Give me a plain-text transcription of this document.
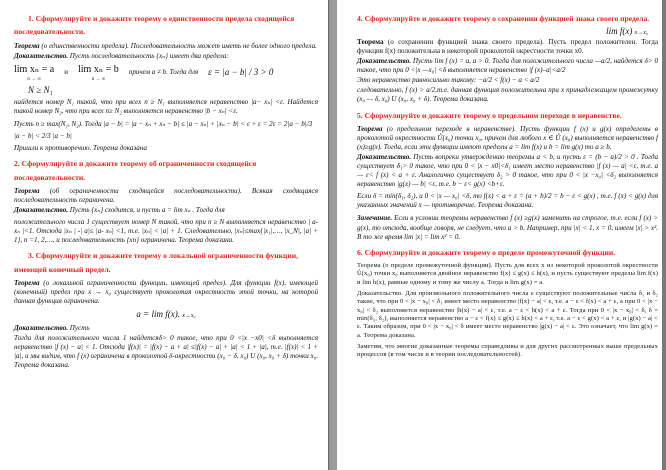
1. Сформулируйте и докажите теорему о единственности предела сходящейся последовательности.

Теорема (о единственности предела). Последовательность может иметь не более одного предела.

Доказательство. Пусть последовательность {xₙ} имеет два предела:

lim xₙ = a
n → ∞
и lim xₙ = b
n → ∞
причем a ≠ b. Тогда для ε = |a − b| / 3 > 0
N ≥ N₁

найдется номер N₁ такой, что при всех n ≥ N₁ выполняется неравенство |a− xₙ| <ε. Найдется такой номер N₂, что при всех n≥ N₂ выполняется неравенство |b − xₙ| <ε.

Пусть n ≥ max(N₁, N₂). Тогда |a − b| = |a − xₙ + xₙ − b| ≤ |a − xₙ| + |xₙ − b| < ε + ε = 2ε = 2|a − b|/3

|a − b| < 2/3 |a − b|

Пришли к противоречию. Теорема доказана

2. Сформулируйте и докажите теорему об ограниченности сходящейся последовательности.

Теорема (об ограниченности сходящейся последовательности). Всякая сходящаяся последовательность ограничена.

Доказательство. Пусть {xₙ} сходится, и пусть a = lim xₙ . Тогда для

положительного числа 1 существует номер N такой, что при n ≥ N выполняется неравенство | a-xₙ |<1. Отсюда |xₙ | -| a|≤ |a- xₙ| <1, т.е. |xₙ| < |a| + 1. Следовательно, |xₙ|≤max{|x₁|,…, |x_N|, |a| + 1}, n =1, 2,…, и последовательность {xn} ограничена. Теорема доказана.

3. Сформулируйте и докажите теорему о локальной ограниченности функции, имеющей конечный предел.

Теорема (о локальной ограниченности функции, имеющей предел). Для функции f(x), имеющей (конечный) предел при x → x₀ существует проколотая окрестность этой точки, на которой данная функция ограничена.

a = lim f(x). x→x₀

Доказательство. Пусть

Тогда для положительного числа 1 найдетсяδ> 0 такое, что при 0 <|x −x0| <δ выполняется неравенство |f (x) − a| < 1. Отсюда |f(x)| = |f(x) − a + a| ≤|f(x) − a| + |a| < 1 + |a|, т.е. |f(x)| < 1 + |a|, и мы видим, что f (x) ограничена в проколотой δ-окрестности (x₀ − δ, x₀) U (x₀, x₀ + δ) точки x₀. Теорема доказана.

4. Сформулируйте и докажите теорему о сохранении функцией знака своего предела.
lim f(x) x→x₀

Теорема (о сохранении функцией знака своего предела). Пусть предел положителен. Тогда функция f(x) положительна в некоторой проколотой окрестности точки x0.

Доказательство. Пусть lim f (x) = a, a > 0. Тогда для положительного числа —a/2, найдется δ> 0 такое, что при 0 <|x —x₀| <δ выполняется неравенство |f (x)–a|<a/2

Это неравенство равносильно такому: −a/2 < f(x) − a < a/2

следовательно, f (x) > a/2,т.е. данная функция положительна при x принадлежащем промежутку (x₀ — δ, x₀) U (x₀, x₀ + δ). Теорема доказана.

5. Сформулируйте и докажите теорему о предельном переходе в неравенстве.

Теорема (о предельном переходе в неравенстве). Пусть функции f (x) и g(x) определены в проколотой окрестности Ů(x₀) точки x₀, причем для любого x ∈ Ů (x₀) выполняется неравенство f (x)≥g(x). Тогда, если эти функции имеют пределы a = lim f(x) и b = lim g(x) то a ≥ b.

Доказательство. Пусть вопреки утверждению теоремы a < b, и пусть ε = (b − a)/2 > 0 . Тогда существует δ₁> 0 такое, что при 0 < |x − x0|<δ₁ имеет место неравенство |f (x) — a| <ε, т.е. a — ε< f (x) < a + ε. Аналогично существует δ₂ > 0 такое, что при 0 < |x −x₀| <δ₂ выполняется неравенство |g(x) — b| <ε, т.е. b − ε< g(x) <b+ε.

Если δ = min(δ₁, δ₂), и 0 < |x — x₀| <δ, то f(x) < a + ε = (a + b)/2 = b − ε < g(x) , т.е. f (x) < g(x) для указанных значений x — противоречие. Теорема доказана.

Замечание. Если в условии теоремы неравенство f (x) ≥g(x) заменить на строгое, т.е. если f (x) > g(x), то отсюда, вообще говоря, не следует, что a > b. Например, при |x| < 1, x = 0, имеем |x| > x². В то же время lim |x| = lim x² = 0.

6. Сформулируйте и докажите теорему о пределе промежуточной функции.

Теорема (о пределе промежуточной функции). Пусть для всех x из некоторой проколотой окрестности Ů(x₀) точки x₀ выполняется двойное неравенство f(x) ≤ g(x) ≤ h(x), и пусть существуют пределы lim f(x) и lim h(x), равные одному и тому же числу a. Тогда и lim g(x) = a.

Доказательство. Для произвольного положительного числа ε существуют положительные числа δ₁ и δ₂ такие, что при 0 < |x − x₀| < δ₁ имеет место неравенство |f(x) − a| < ε, т.е. a − ε < f(x) < a + ε, а при 0 < |x − x₀| < δ₂ выполняется неравенство |h(x) − a| < ε, т.е. a − ε < h(x) < a + ε. Тогда при 0 < |x − x₀| < δ, δ = min(δ₁, δ₂), выполняется неравенство a − ε < f(x) ≤ g(x) ≤ h(x) < a + ε, т.е. a − ε < g(x) < a + ε, и |g(x) − a| < ε. Таким образом, при 0 < |x − x₀| < δ имеет место неравенство |g(x) − a| < ε. Это означает, что lim g(x) = a. Теорема доказана.

Заметим, что многие доказанные теоремы справедливы и для других рассмотренных выше предельных процессов (в том числе и в теории последовательностей).
